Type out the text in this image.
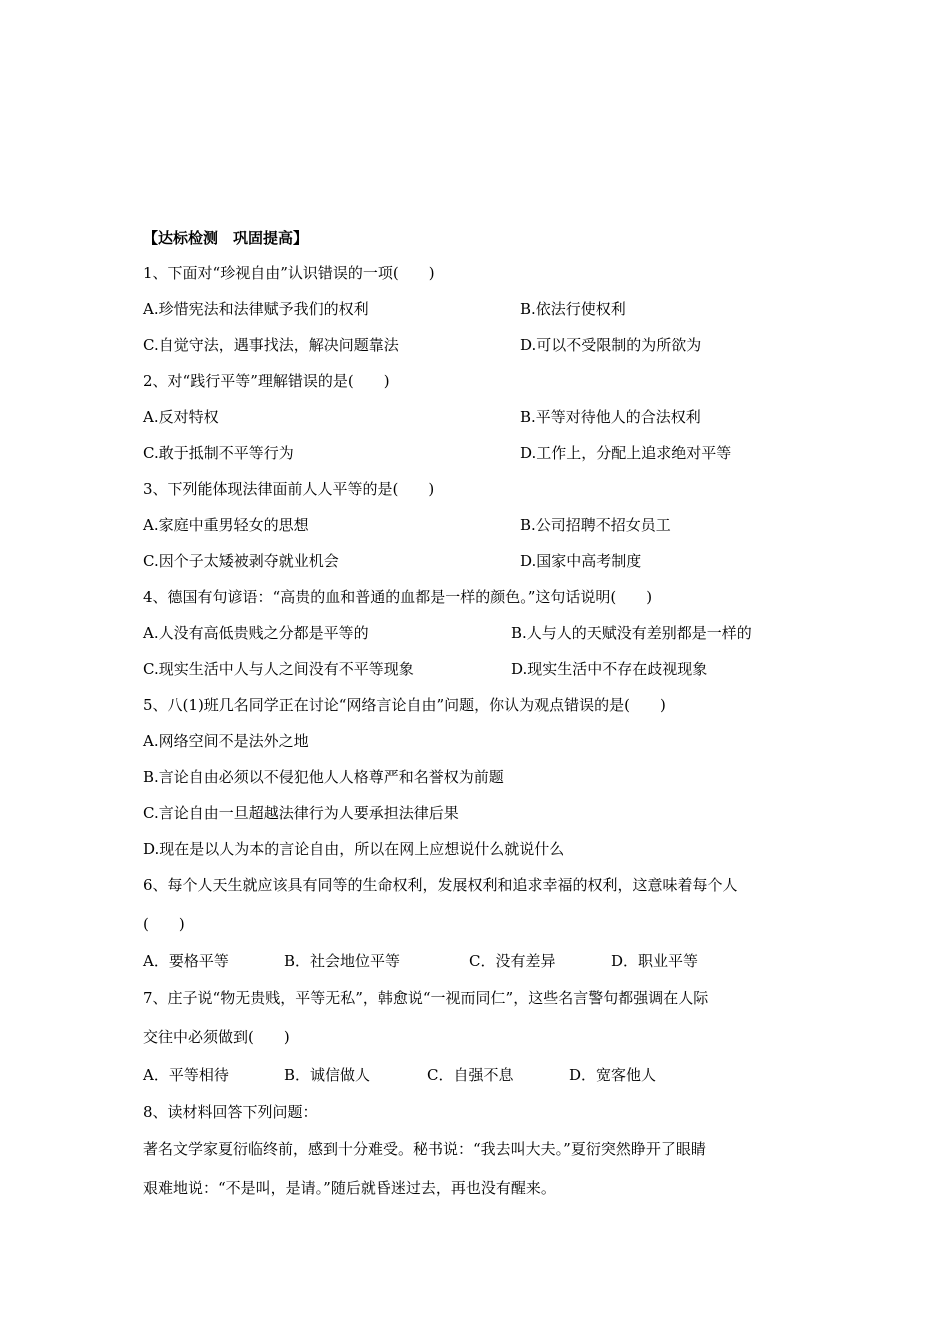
【达标检测　巩固提高】
1、下面对“珍视自由”认识错误的一项(　　)
A.珍惜宪法和法律赋予我们的权利	B.依法行使权利
C.自觉守法，遇事找法，解决问题靠法	D.可以不受限制的为所欲为
2、对“践行平等”理解错误的是(　　)
A.反对特权	B.平等对待他人的合法权利
C.敢于抵制不平等行为	D.工作上，分配上追求绝对平等
3、下列能体现法律面前人人平等的是(　　)
A.家庭中重男轻女的思想	B.公司招聘不招女员工
C.因个子太矮被剥夺就业机会	D.国家中高考制度
4、德国有句谚语：“高贵的血和普通的血都是一样的颜色。”这句话说明(　　)
A.人没有高低贵贱之分都是平等的	B.人与人的天赋没有差别都是一样的
C.现实生活中人与人之间没有不平等现象	D.现实生活中不存在歧视现象
5、八(1)班几名同学正在讨论“网络言论自由”问题，你认为观点错误的是(　　)
A.网络空间不是法外之地
B.言论自由必须以不侵犯他人人格尊严和名誉权为前题
C.言论自由一旦超越法律行为人要承担法律后果
D.现在是以人为本的言论自由，所以在网上应想说什么就说什么
6、每个人天生就应该具有同等的生命权利，发展权利和追求幸福的权利，这意味着每个人
(　　)
A．要格平等	B．社会地位平等	C．没有差异	D．职业平等
7、庄子说“物无贵贱，平等无私”，韩愈说“一视而同仁”，这些名言警句都强调在人际
交往中必须做到(　　)
A．平等相待	B．诚信做人	C．自强不息	D．宽客他人
8、读材料回答下列问题：
著名文学家夏衍临终前，感到十分难受。秘书说：“我去叫大夫。”夏衍突然睁开了眼睛
艰难地说：“不是叫，是请。”随后就昏迷过去，再也没有醒来。
